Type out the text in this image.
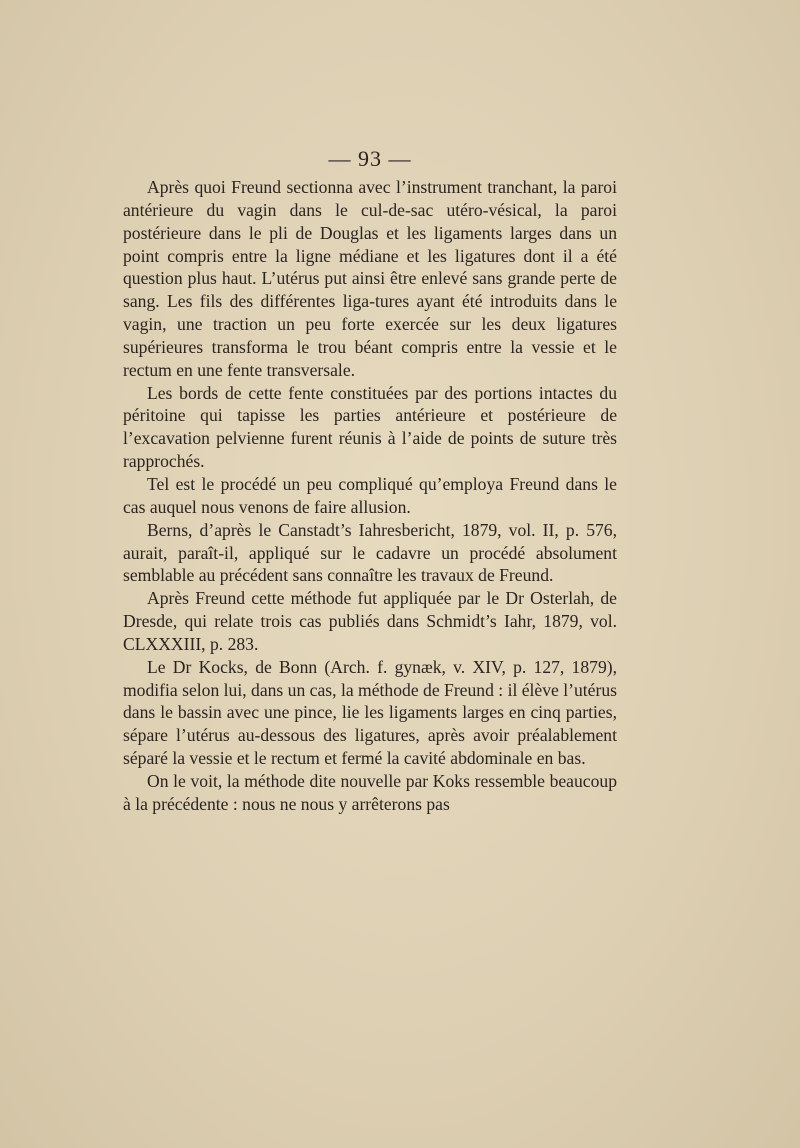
— 93 —

Après quoi Freund sectionna avec l’instrument tranchant, la paroi antérieure du vagin dans le cul-de-sac utéro-vésical, la paroi postérieure dans le pli de Douglas et les ligaments larges dans un point compris entre la ligne médiane et les ligatures dont il a été question plus haut. L’utérus put ainsi être enlevé sans grande perte de sang. Les fils des différentes liga-tures ayant été introduits dans le vagin, une traction un peu forte exercée sur les deux ligatures supérieures transforma le trou béant compris entre la vessie et le rectum en une fente transversale.

Les bords de cette fente constituées par des portions intactes du péritoine qui tapisse les parties antérieure et postérieure de l’excavation pelvienne furent réunis à l’aide de points de suture très rapprochés.

Tel est le procédé un peu compliqué qu’employa Freund dans le cas auquel nous venons de faire allusion.

Berns, d’après le Canstadt’s Iahresbericht, 1879, vol. II, p. 576, aurait, paraît-il, appliqué sur le cadavre un procédé absolument semblable au précédent sans connaître les travaux de Freund.

Après Freund cette méthode fut appliquée par le Dr Osterlah, de Dresde, qui relate trois cas publiés dans Schmidt’s Iahr, 1879, vol. CLXXXIII, p. 283.

Le Dr Kocks, de Bonn (Arch. f. gynæk, v. XIV, p. 127, 1879), modifia selon lui, dans un cas, la méthode de Freund : il élève l’utérus dans le bassin avec une pince, lie les ligaments larges en cinq parties, sépare l’utérus au-dessous des ligatures, après avoir préalablement séparé la vessie et le rectum et fermé la cavité abdominale en bas.

On le voit, la méthode dite nouvelle par Koks ressemble beaucoup à la précédente : nous ne nous y arrêterons pas
